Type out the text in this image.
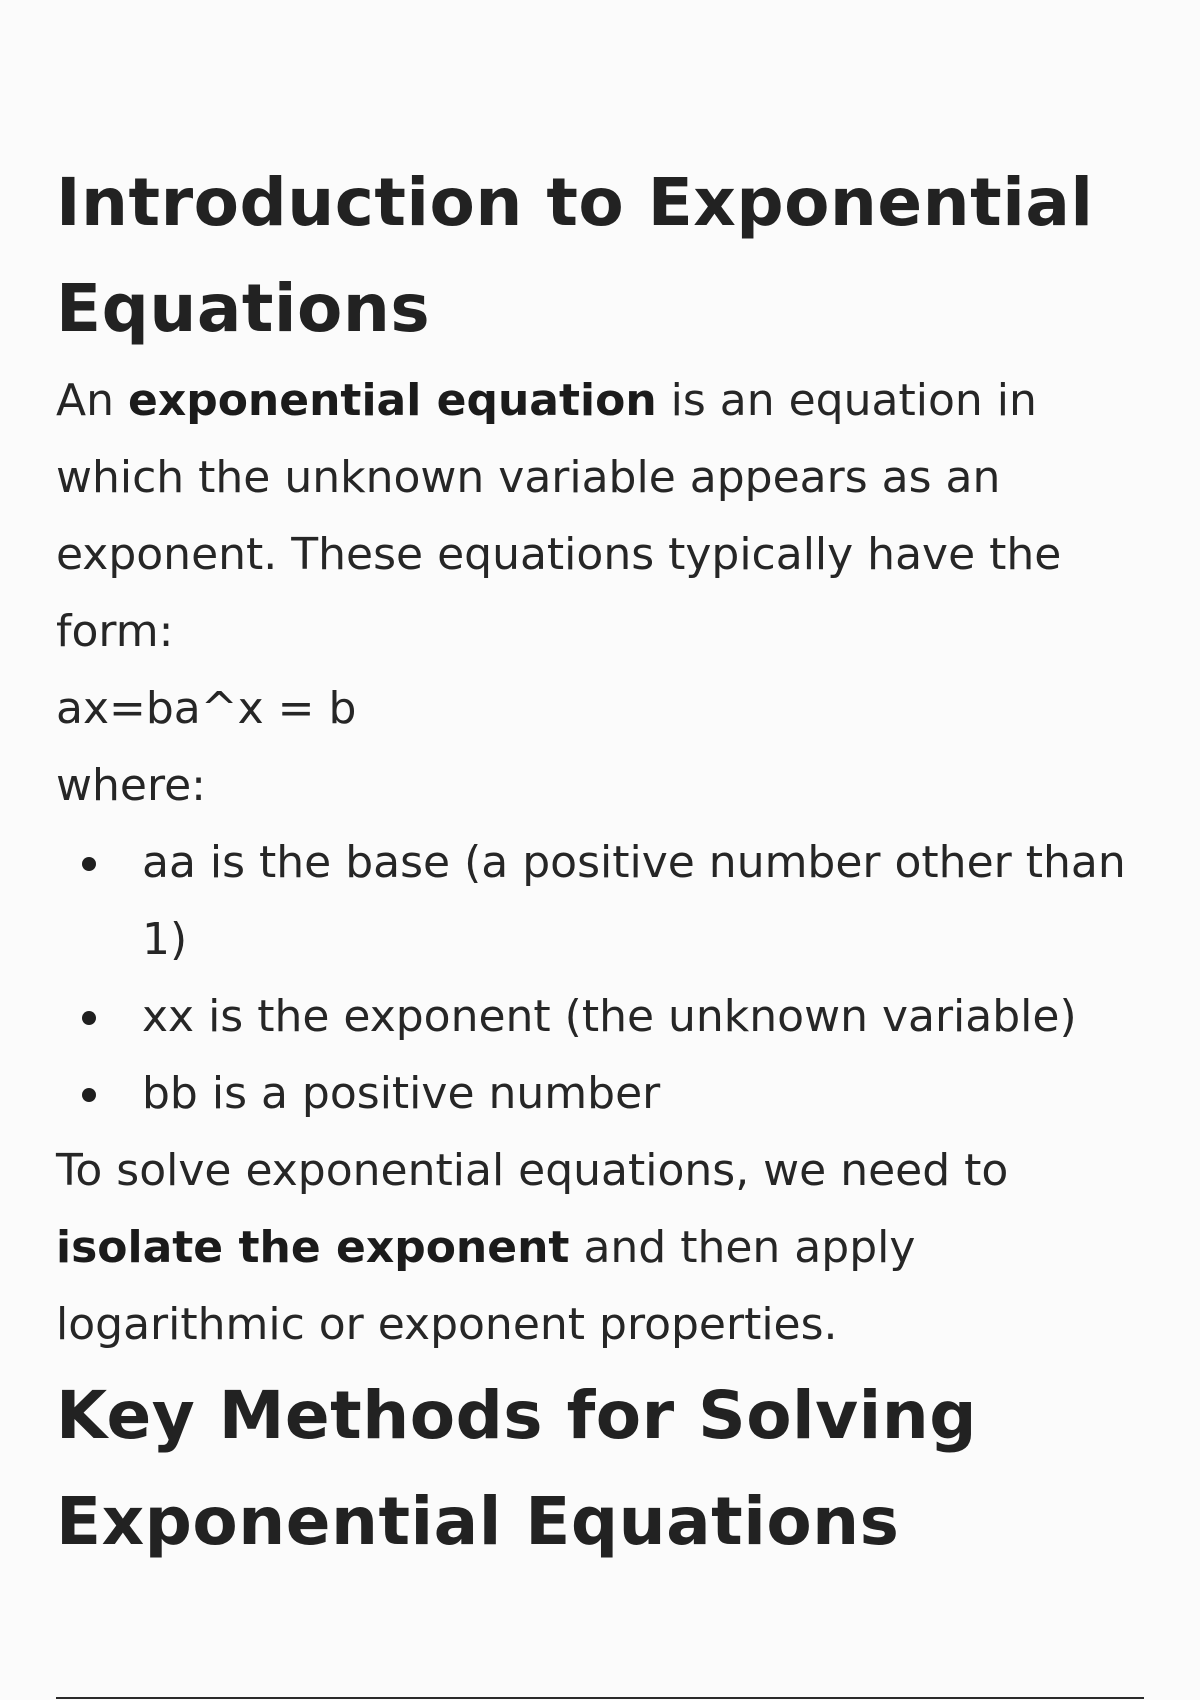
Introduction to Exponential Equations

An exponential equation is an equation in which the unknown variable appears as an exponent. These equations typically have the form:

ax=ba^x = b

where:

aa is the base (a positive number other than 1)
xx is the exponent (the unknown variable)
bb is a positive number

To solve exponential equations, we need to isolate the exponent and then apply logarithmic or exponent properties.

Key Methods for Solving Exponential Equations
